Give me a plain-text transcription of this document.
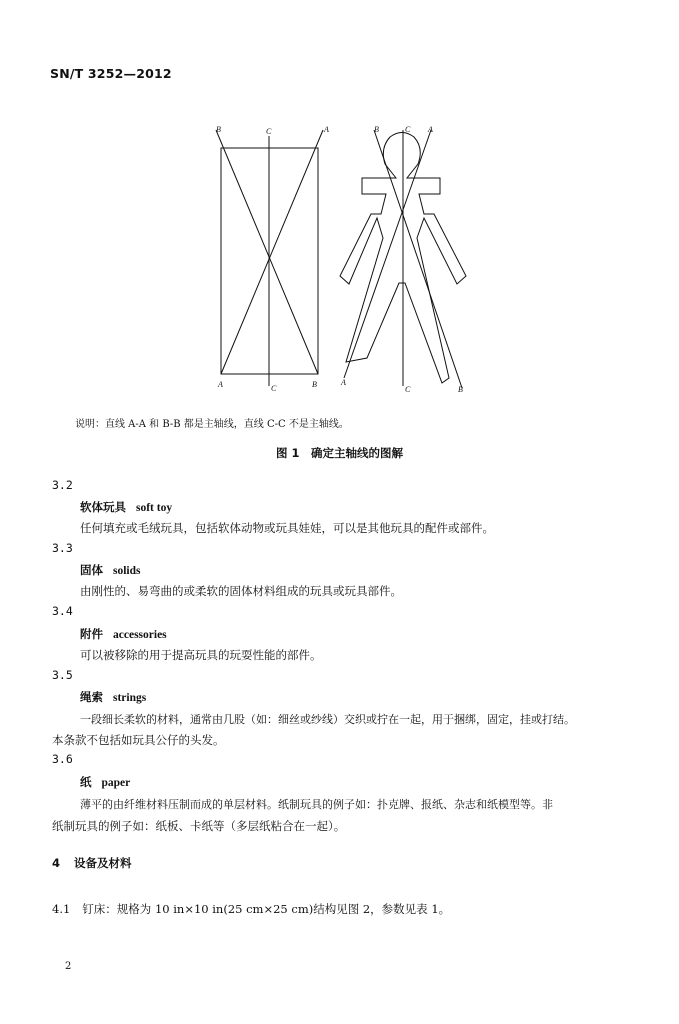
SN/T 3252—2012
B	C	A
A	C	B
B	C A
A
C	B
说明：直线 A-A 和 B-B 都是主轴线，直线 C-C 不是主轴线。
图 1　确定主轴线的图解
3.2
软体玩具 soft toy
任何填充或毛绒玩具，包括软体动物或玩具娃娃，可以是其他玩具的配件或部件。
3.3
固体 solids
由刚性的、易弯曲的或柔软的固体材料组成的玩具或玩具部件。
3.4
附件 accessories
可以被移除的用于提高玩具的玩耍性能的部件。
3.5
绳索 strings
一段细长柔软的材料，通常由几股（如：细丝或纱线）交织或拧在一起，用于捆绑，固定，挂或打结。
本条款不包括如玩具公仔的头发。
3.6
纸 paper
薄平的由纤维材料压制而成的单层材料。纸制玩具的例子如：扑克牌、报纸、杂志和纸模型等。非
纸制玩具的例子如：纸板、卡纸等（多层纸粘合在一起）。
4 设备及材料
4.1 钉床：规格为 10 in×10 in(25 cm×25 cm)结构见图 2，参数见表 1。
2
